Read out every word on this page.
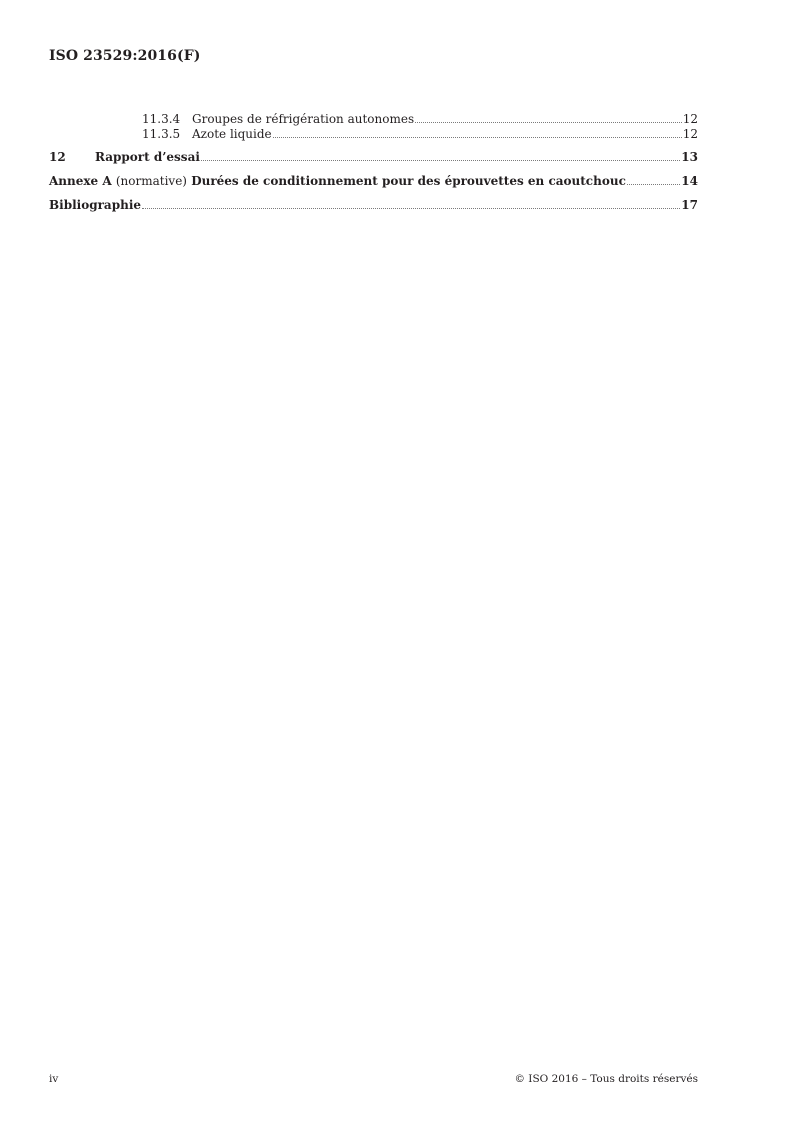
ISO 23529:2016(F)
11.3.4 Groupes de réfrigération autonomes	12
11.3.5 Azote liquide	12
12	Rapport d’essai	13
Annexe A (normative) Durées de conditionnement pour des éprouvettes en caoutchouc	14
Bibliographie	17
iv	© ISO 2016 – Tous droits réservés
